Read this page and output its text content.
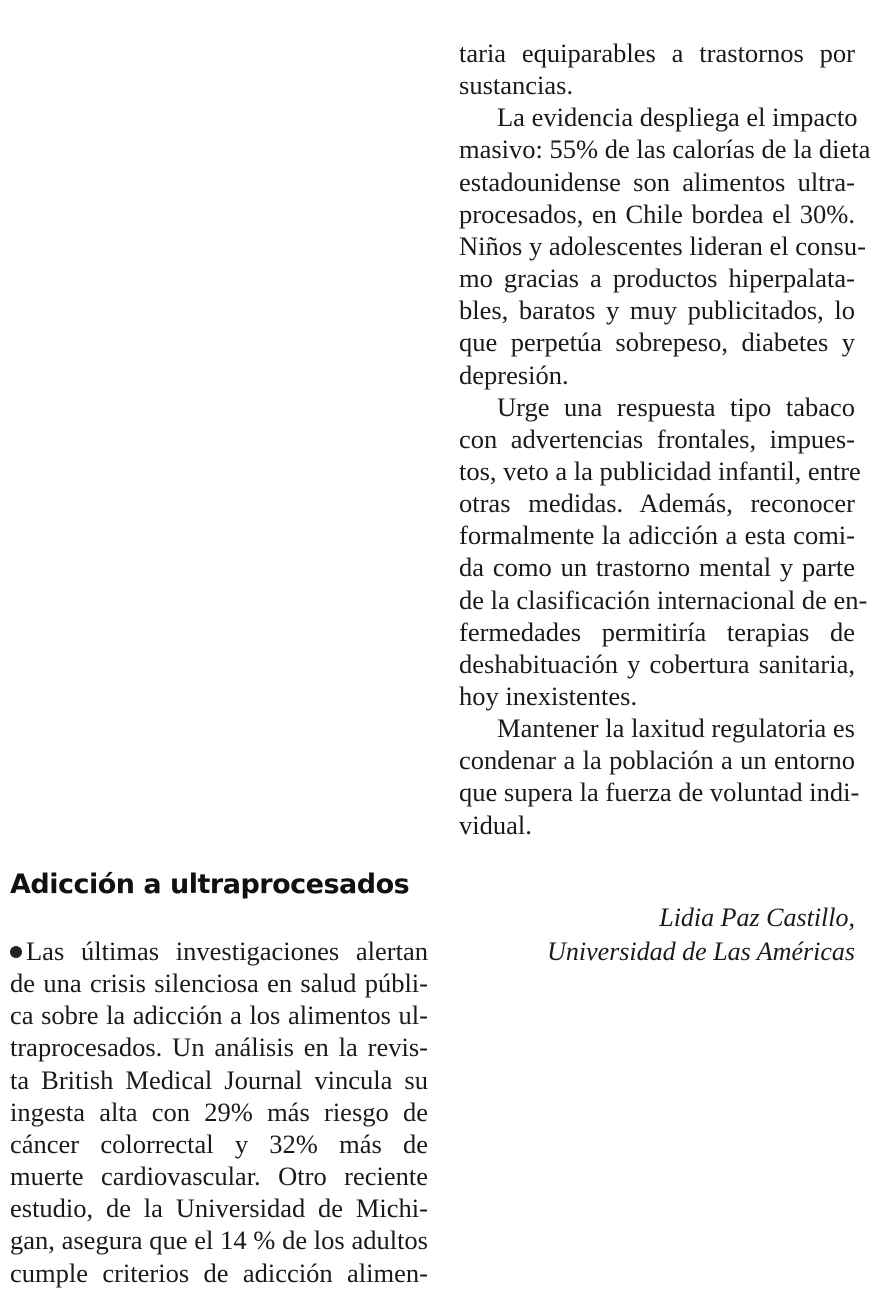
taria equiparables a trastornos por
sustancias.
La evidencia despliega el impacto
masivo: 55% de las calorías de la dieta
estadounidense son alimentos ultra-
procesados, en Chile bordea el 30%.
Niños y adolescentes lideran el consu-
mo gracias a productos hiperpalata-
bles, baratos y muy publicitados, lo
que perpetúa sobrepeso, diabetes y
depresión.
Urge una respuesta tipo tabaco
con advertencias frontales, impues-
tos, veto a la publicidad infantil, entre
otras medidas. Además, reconocer
formalmente la adicción a esta comi-
da como un trastorno mental y parte
de la clasificación internacional de en-
fermedades permitiría terapias de
deshabituación y cobertura sanitaria,
hoy inexistentes.
Mantener la laxitud regulatoria es
condenar a la población a un entorno
que supera la fuerza de voluntad indi-
vidual.
Lidia Paz Castillo,
Universidad de Las Américas
Adicción a ultraprocesados
Las últimas investigaciones alertan
de una crisis silenciosa en salud públi-
ca sobre la adicción a los alimentos ul-
traprocesados. Un análisis en la revis-
ta British Medical Journal vincula su
ingesta alta con 29% más riesgo de
cáncer colorrectal y 32% más de
muerte cardiovascular. Otro reciente
estudio, de la Universidad de Michi-
gan, asegura que el 14 % de los adultos
cumple criterios de adicción alimen-
